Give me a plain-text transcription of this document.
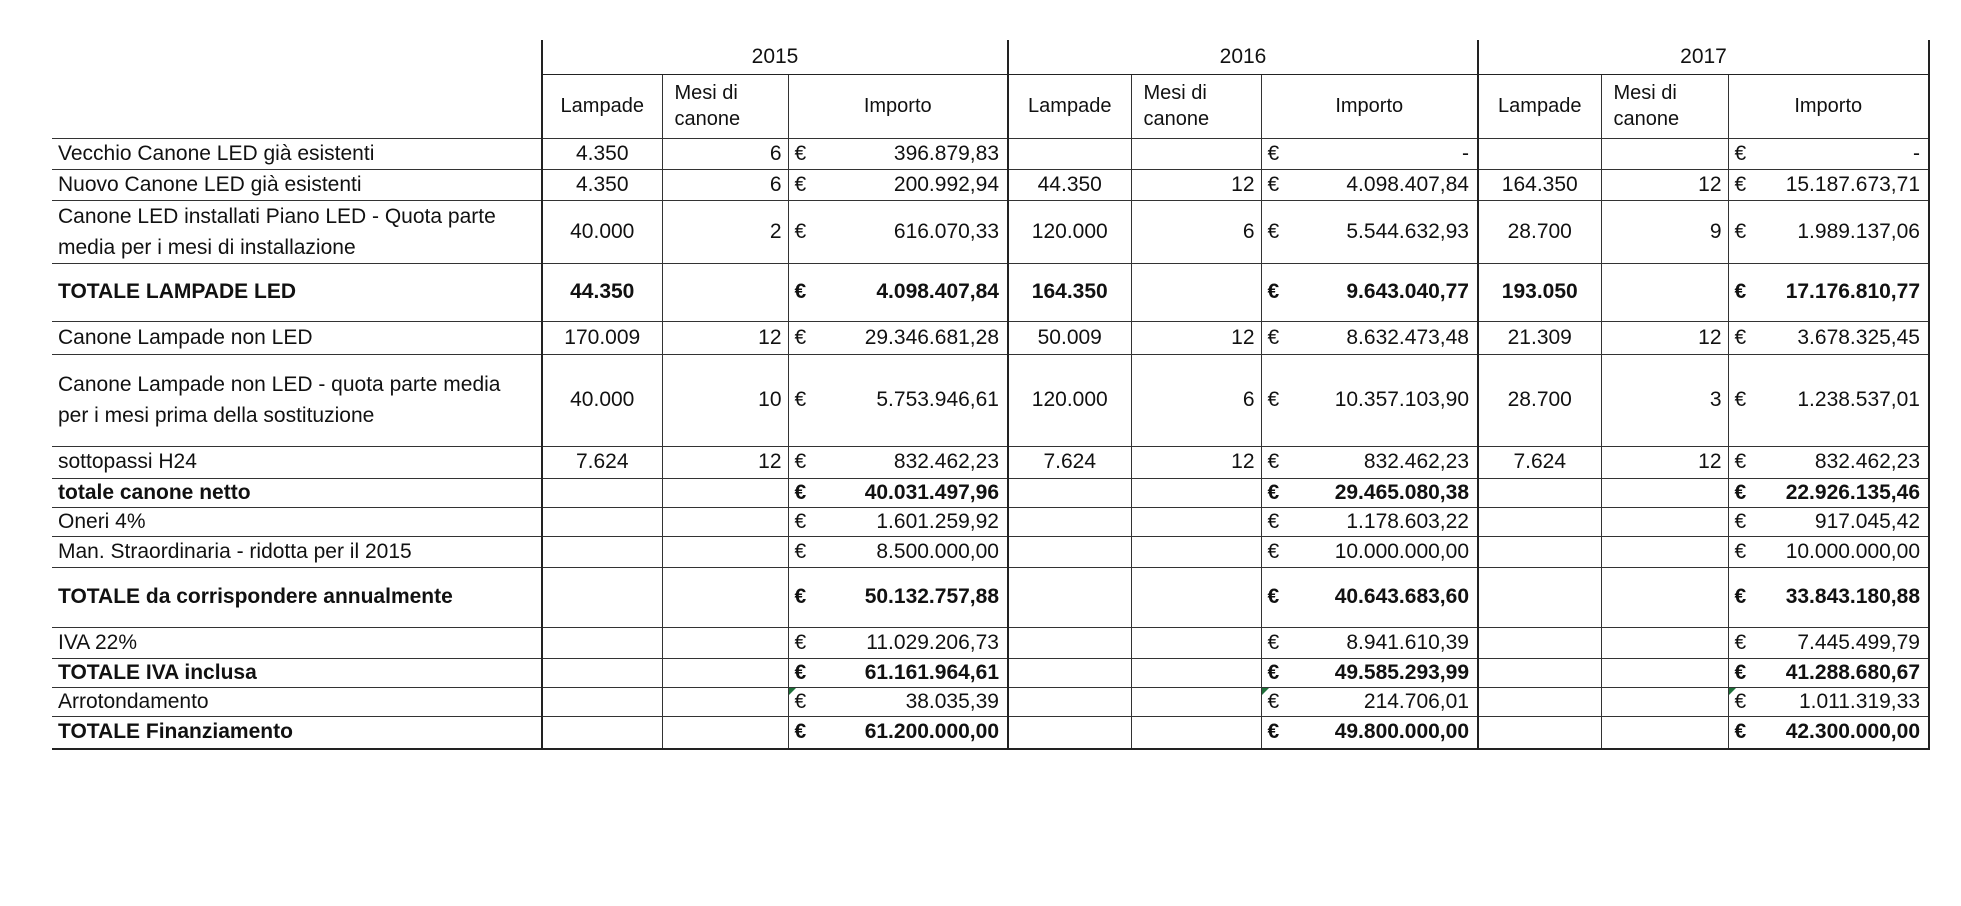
	2015			2016			2017		
	Lampade	Mesi di canone	Importo	Lampade	Mesi di canone	Importo	Lampade	Mesi di canone	Importo
Vecchio Canone LED già esistenti	4.350	6	€ 396.879,83			€ -			€ -

Nuovo Canone LED già esistenti	4.350	6	€ 200.992,94	44.350	12	€ 4.098.407,84	164.350	12	€ 15.187.673,71

Canone LED installati Piano LED - Quota parte media per i mesi di installazione	40.000	2	€ 616.070,33	120.000	6	€ 5.544.632,93	28.700	9	€ 1.989.137,06

TOTALE LAMPADE LED	44.350		€ 4.098.407,84	164.350		€ 9.643.040,77	193.050		€ 17.176.810,77

Canone Lampade non LED	170.009	12	€ 29.346.681,28	50.009	12	€ 8.632.473,48	21.309	12	€ 3.678.325,45

Canone Lampade non LED - quota parte media per i mesi prima della sostituzione	40.000	10	€ 5.753.946,61	120.000	6	€ 10.357.103,90	28.700	3	€ 1.238.537,01

sottopassi H24	7.624	12	€ 832.462,23	7.624	12	€ 832.462,23	7.624	12	€ 832.462,23

totale canone netto			€ 40.031.497,96			€ 29.465.080,38			€ 22.926.135,46

Oneri 4%			€ 1.601.259,92			€ 1.178.603,22			€ 917.045,42

Man. Straordinaria - ridotta per il 2015			€ 8.500.000,00			€ 10.000.000,00			€ 10.000.000,00

TOTALE da corrispondere annualmente			€ 50.132.757,88			€ 40.643.683,60			€ 33.843.180,88

IVA 22%			€ 11.029.206,73			€ 8.941.610,39			€ 7.445.499,79

TOTALE IVA inclusa			€ 61.161.964,61			€ 49.585.293,99			€ 41.288.680,67

Arrotondamento			€ 38.035,39			€ 214.706,01			€ 1.011.319,33

TOTALE Finanziamento			€ 61.200.000,00			€ 49.800.000,00			€ 42.300.000,00
